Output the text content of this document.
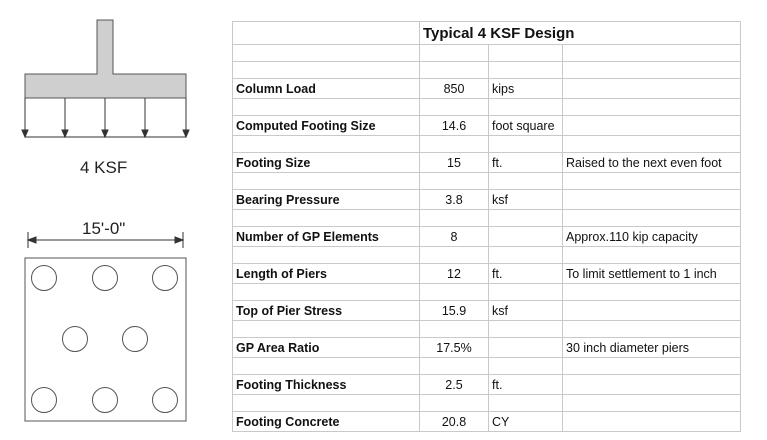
4 KSF
15'-0"
	Typical 4 KSF Design		

Column Load	850	kips	

Computed Footing Size	14.6	foot square	

Footing Size	15	ft.	Raised to the next even foot

Bearing Pressure	3.8	ksf	

Number of GP Elements	8		Approx.110 kip capacity

Length of Piers	12	ft.	To limit settlement to 1 inch

Top of Pier Stress	15.9	ksf	

GP Area Ratio	17.5%		30 inch diameter piers

Footing Thickness	2.5	ft.	

Footing Concrete	20.8	CY	
